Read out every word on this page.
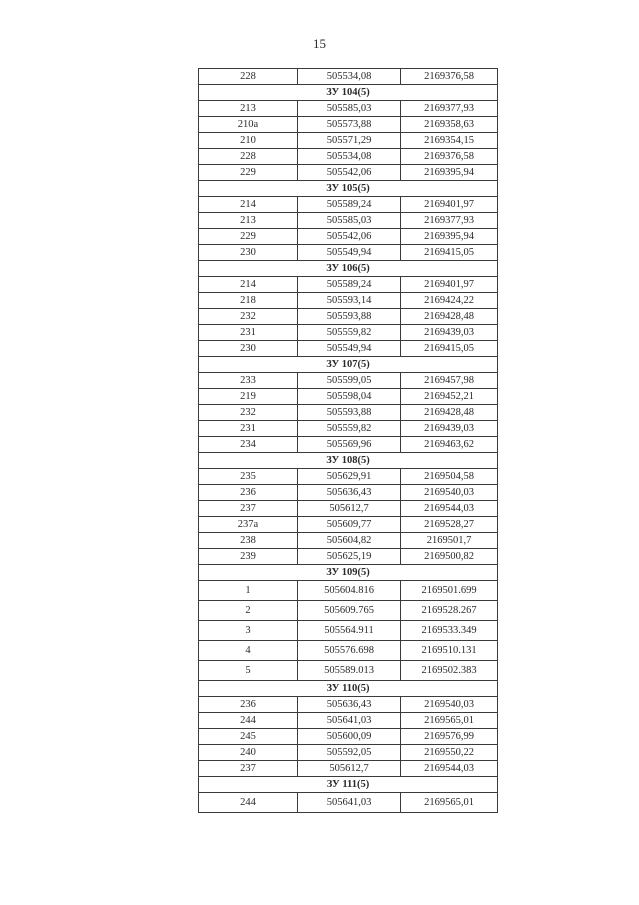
15
228	505534,08	2169376,58
ЗУ 104(5)		
213	505585,03	2169377,93
210а	505573,88	2169358,63
210	505571,29	2169354,15
228	505534,08	2169376,58
229	505542,06	2169395,94
ЗУ 105(5)		
214	505589,24	2169401,97
213	505585,03	2169377,93
229	505542,06	2169395,94
230	505549,94	2169415,05
ЗУ 106(5)		
214	505589,24	2169401,97
218	505593,14	2169424,22
232	505593,88	2169428,48
231	505559,82	2169439,03
230	505549,94	2169415,05
ЗУ 107(5)		
233	505599,05	2169457,98
219	505598,04	2169452,21
232	505593,88	2169428,48
231	505559,82	2169439,03
234	505569,96	2169463,62
ЗУ 108(5)		
235	505629,91	2169504,58
236	505636,43	2169540,03
237	505612,7	2169544,03
237а	505609,77	2169528,27
238	505604,82	2169501,7
239	505625,19	2169500,82
ЗУ 109(5)		
1	505604.816	2169501.699
2	505609.765	2169528.267
3	505564.911	2169533.349
4	505576.698	2169510.131
5	505589.013	2169502.383
ЗУ 110(5)		
236	505636,43	2169540,03
244	505641,03	2169565,01
245	505600,09	2169576,99
240	505592,05	2169550,22
237	505612,7	2169544,03
ЗУ 111(5)		
244	505641,03	2169565,01
